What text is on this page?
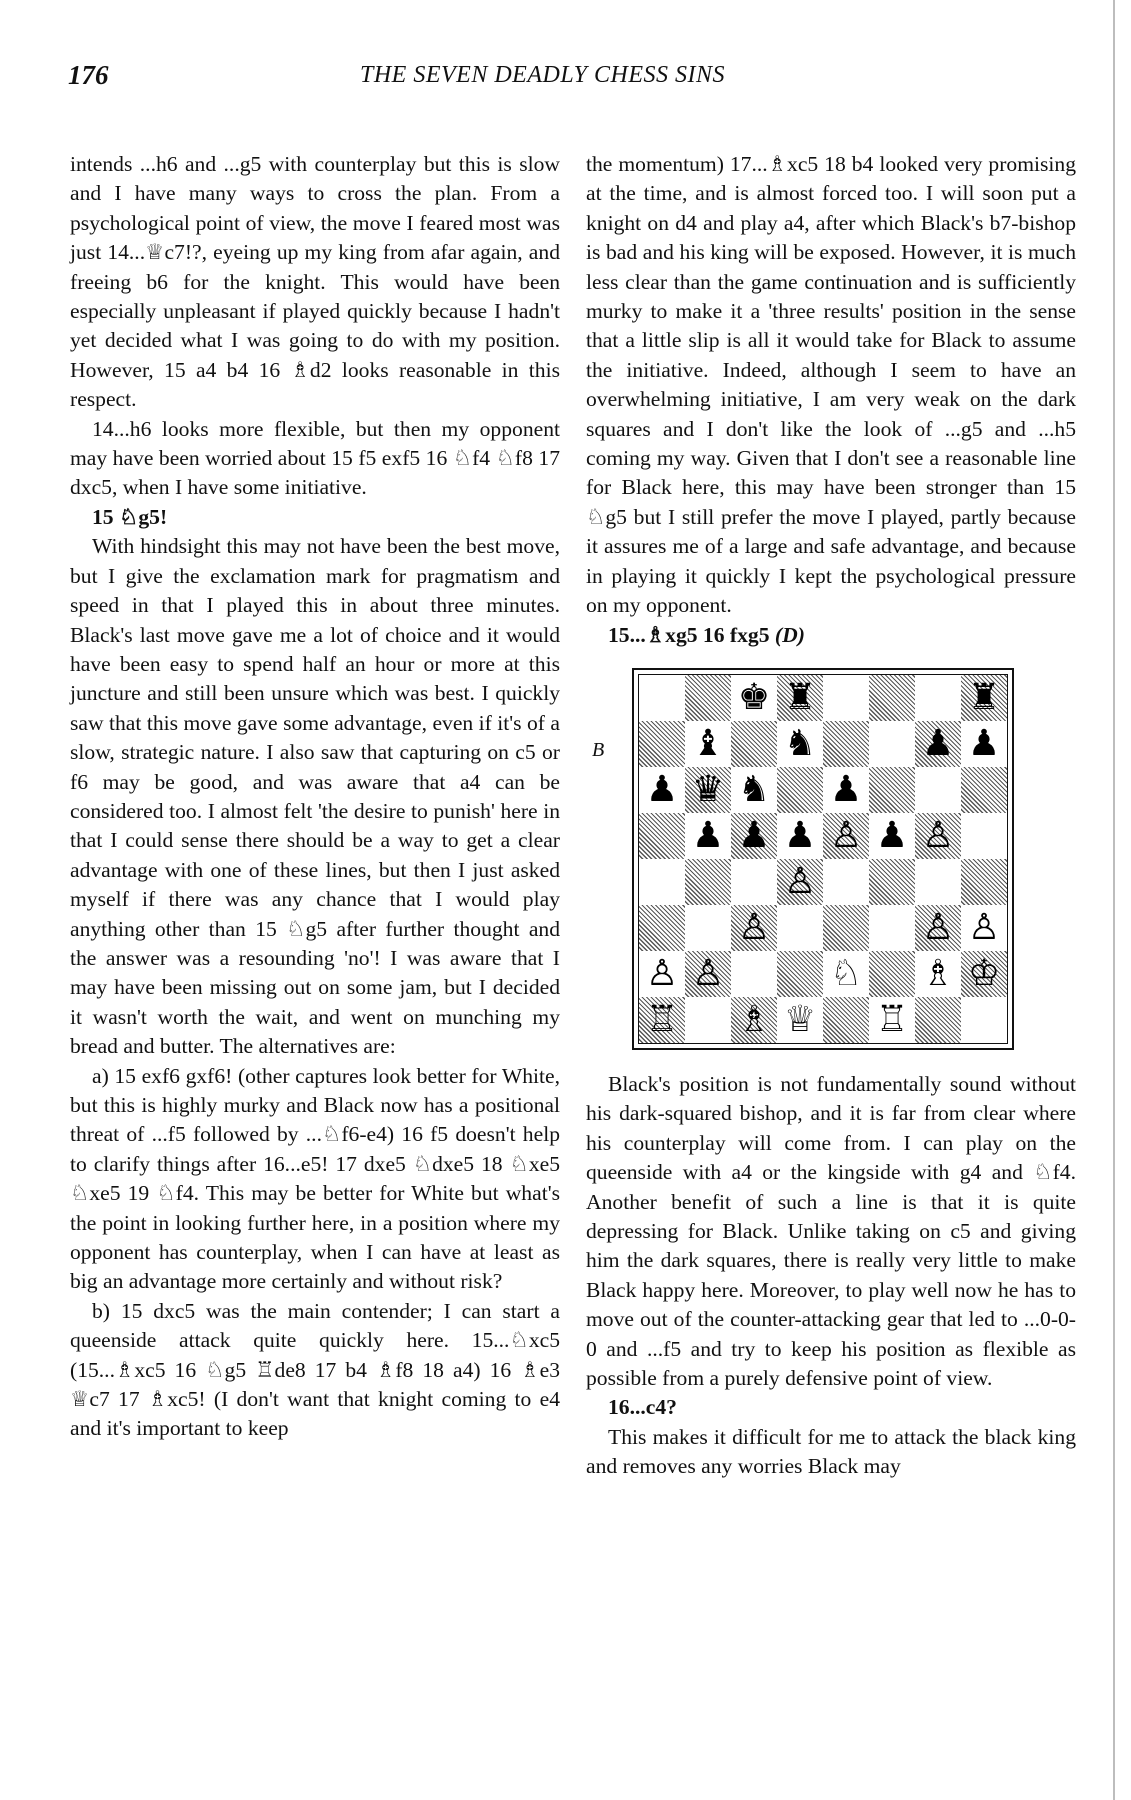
176	THE SEVEN DEADLY CHESS SINS

intends ...h6 and ...g5 with counterplay but this is slow and I have many ways to cross the plan. From a psychological point of view, the move I feared most was just 14...♕c7!?, eyeing up my king from afar again, and freeing b6 for the knight. This would have been especially unpleasant if played quickly because I hadn't yet decided what I was going to do with my position. However, 15 a4 b4 16 ♗d2 looks reasonable in this respect.

14...h6 looks more flexible, but then my opponent may have been worried about 15 f5 exf5 16 ♘f4 ♘f8 17 dxc5, when I have some initiative.

15 ♘g5!

With hindsight this may not have been the best move, but I give the exclamation mark for pragmatism and speed in that I played this in about three minutes. Black's last move gave me a lot of choice and it would have been easy to spend half an hour or more at this juncture and still been unsure which was best. I quickly saw that this move gave some advantage, even if it's of a slow, strategic nature. I also saw that capturing on c5 or f6 may be good, and was aware that a4 can be considered too. I almost felt 'the desire to punish' here in that I could sense there should be a way to get a clear advantage with one of these lines, but then I just asked myself if there was any chance that I would play anything other than 15 ♘g5 after further thought and the answer was a resounding 'no'! I was aware that I may have been missing out on some jam, but I decided it wasn't worth the wait, and went on munching my bread and butter. The alternatives are:

a) 15 exf6 gxf6! (other captures look better for White, but this is highly murky and Black now has a positional threat of ...f5 followed by ...♘f6-e4) 16 f5 doesn't help to clarify things after 16...e5! 17 dxe5 ♘dxe5 18 ♘xe5 ♘xe5 19 ♘f4. This may be better for White but what's the point in looking further here, in a position where my opponent has counterplay, when I can have at least as big an advantage more certainly and without risk?

b) 15 dxc5 was the main contender; I can start a queenside attack quite quickly here. 15...♘xc5 (15...♗xc5 16 ♘g5 ♖de8 17 b4 ♗f8 18 a4) 16 ♗e3 ♕c7 17 ♗xc5! (I don't want that knight coming to e4 and it's important to keep

the momentum) 17...♗xc5 18 b4 looked very promising at the time, and is almost forced too. I will soon put a knight on d4 and play a4, after which Black's b7-bishop is bad and his king will be exposed. However, it is much less clear than the game continuation and is sufficiently murky to make it a 'three results' position in the sense that a little slip is all it would take for Black to assume the initiative. Indeed, although I seem to have an overwhelming initiative, I am very weak on the dark squares and I don't like the look of ...g5 and ...h5 coming my way. Given that I don't see a reasonable line for Black here, this may have been stronger than 15 ♘g5 but I still prefer the move I played, partly because it assures me of a large and safe advantage, and because in playing it quickly I kept the psychological pressure on my opponent.

15...♗xg5 16 fxg5 (D)

B
♚ ♜	♜
♝ ♞	♟ ♟
♟ ♛ ♞ ♟
♟ ♟ ♟ ♙ ♟ ♙
♙
♙	♙ ♙
♙ ♙	♘ ♗ ♔
♖ ♗ ♕ ♖

Black's position is not fundamentally sound without his dark-squared bishop, and it is far from clear where his counterplay will come from. I can play on the queenside with a4 or the kingside with g4 and ♘f4. Another benefit of such a line is that it is quite depressing for Black. Unlike taking on c5 and giving him the dark squares, there is really very little to make Black happy here. Moreover, to play well now he has to move out of the counter-attacking gear that led to ...0-0-0 and ...f5 and try to keep his position as flexible as possible from a purely defensive point of view.

16...c4?

This makes it difficult for me to attack the black king and removes any worries Black may
